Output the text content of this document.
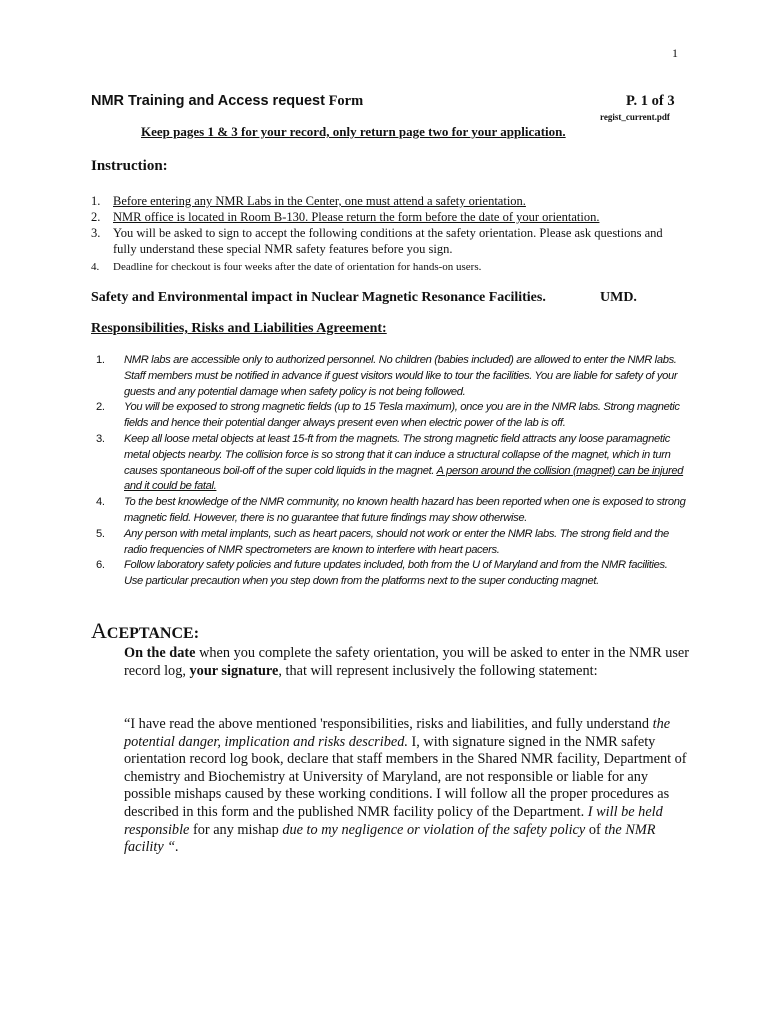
1
NMR Training and Access request Form	P. 1 of 3
regist_current.pdf
Keep pages 1 & 3 for your record, only return page two for your application.
Instruction:
1. Before entering any NMR Labs in the Center, one must attend a safety orientation.
2. NMR office is located in Room B-130. Please return the form before the date of your orientation.
3. You will be asked to sign to accept the following conditions at the safety orientation. Please ask questions and fully understand these special NMR safety features before you sign.
4. Deadline for checkout is four weeks after the date of orientation for hands-on users.
Safety and Environmental impact in Nuclear Magnetic Resonance Facilities.	UMD.
Responsibilities, Risks and Liabilities Agreement:
1. NMR labs are accessible only to authorized personnel. No children (babies included) are allowed to enter the NMR labs. Staff members must be notified in advance if guest visitors would like to tour the facilities. You are liable for safety of your guests and any potential damage when safety policy is not being followed.
2. You will be exposed to strong magnetic fields (up to 15 Tesla maximum), once you are in the NMR labs. Strong magnetic fields and hence their potential danger always present even when electric power of the lab is off.
3. Keep all loose metal objects at least 15-ft from the magnets. The strong magnetic field attracts any loose paramagnetic metal objects nearby. The collision force is so strong that it can induce a structural collapse of the magnet, which in turn causes spontaneous boil-off of the super cold liquids in the magnet. A person around the collision (magnet) can be injured and it could be fatal.
4. To the best knowledge of the NMR community, no known health hazard has been reported when one is exposed to strong magnetic field. However, there is no guarantee that future findings may show otherwise.
5. Any person with metal implants, such as heart pacers, should not work or enter the NMR labs. The strong field and the radio frequencies of NMR spectrometers are known to interfere with heart pacers.
6. Follow laboratory safety policies and future updates included, both from the U of Maryland and from the NMR facilities. Use particular precaution when you step down from the platforms next to the super conducting magnet.
ACEPTANCE:
On the date when you complete the safety orientation, you will be asked to enter in the NMR user record log, your signature, that will represent inclusively the following statement:
“I have read the above mentioned 'responsibilities, risks and liabilities, and fully understand the potential danger, implication and risks described. I, with signature signed in the NMR safety orientation record log book, declare that staff members in the Shared NMR facility, Department of chemistry and Biochemistry at University of Maryland, are not responsible or liable for any possible mishaps caused by these working conditions. I will follow all the proper procedures as described in this form and the published NMR facility policy of the Department. I will be held responsible for any mishap due to my negligence or violation of the safety policy of the NMR facility “.
